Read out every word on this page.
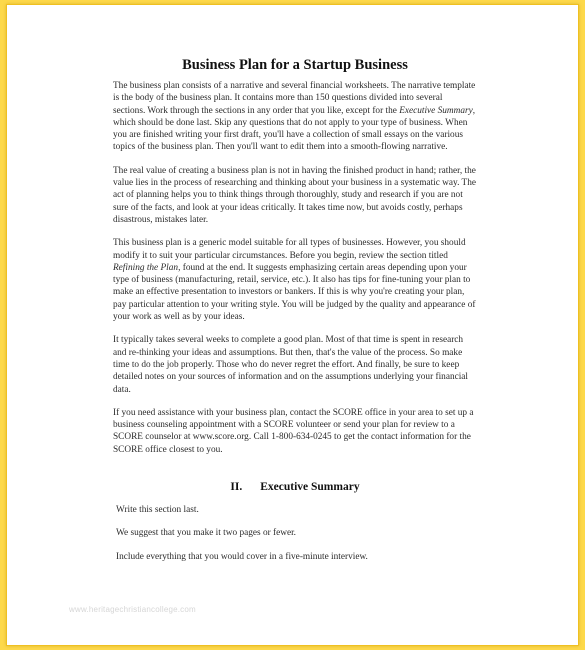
Business Plan for a Startup Business

The business plan consists of a narrative and several financial worksheets. The narrative template is the body of the business plan. It contains more than 150 questions divided into several sections. Work through the sections in any order that you like, except for the Executive Summary, which should be done last. Skip any questions that do not apply to your type of business. When you are finished writing your first draft, you'll have a collection of small essays on the various topics of the business plan. Then you'll want to edit them into a smooth-flowing narrative.

The real value of creating a business plan is not in having the finished product in hand; rather, the value lies in the process of researching and thinking about your business in a systematic way. The act of planning helps you to think things through thoroughly, study and research if you are not sure of the facts, and look at your ideas critically. It takes time now, but avoids costly, perhaps disastrous, mistakes later.

This business plan is a generic model suitable for all types of businesses. However, you should modify it to suit your particular circumstances. Before you begin, review the section titled Refining the Plan, found at the end. It suggests emphasizing certain areas depending upon your type of business (manufacturing, retail, service, etc.). It also has tips for fine-tuning your plan to make an effective presentation to investors or bankers. If this is why you're creating your plan, pay particular attention to your writing style. You will be judged by the quality and appearance of your work as well as by your ideas.

It typically takes several weeks to complete a good plan. Most of that time is spent in research and re-thinking your ideas and assumptions. But then, that's the value of the process. So make time to do the job properly. Those who do never regret the effort. And finally, be sure to keep detailed notes on your sources of information and on the assumptions underlying your financial data.

If you need assistance with your business plan, contact the SCORE office in your area to set up a business counseling appointment with a SCORE volunteer or send your plan for review to a SCORE counselor at www.score.org. Call 1-800-634-0245 to get the contact information for the SCORE office closest to you.

II. Executive Summary

Write this section last.

We suggest that you make it two pages or fewer.

Include everything that you would cover in a five-minute interview.

www.heritagechristiancollege.com
